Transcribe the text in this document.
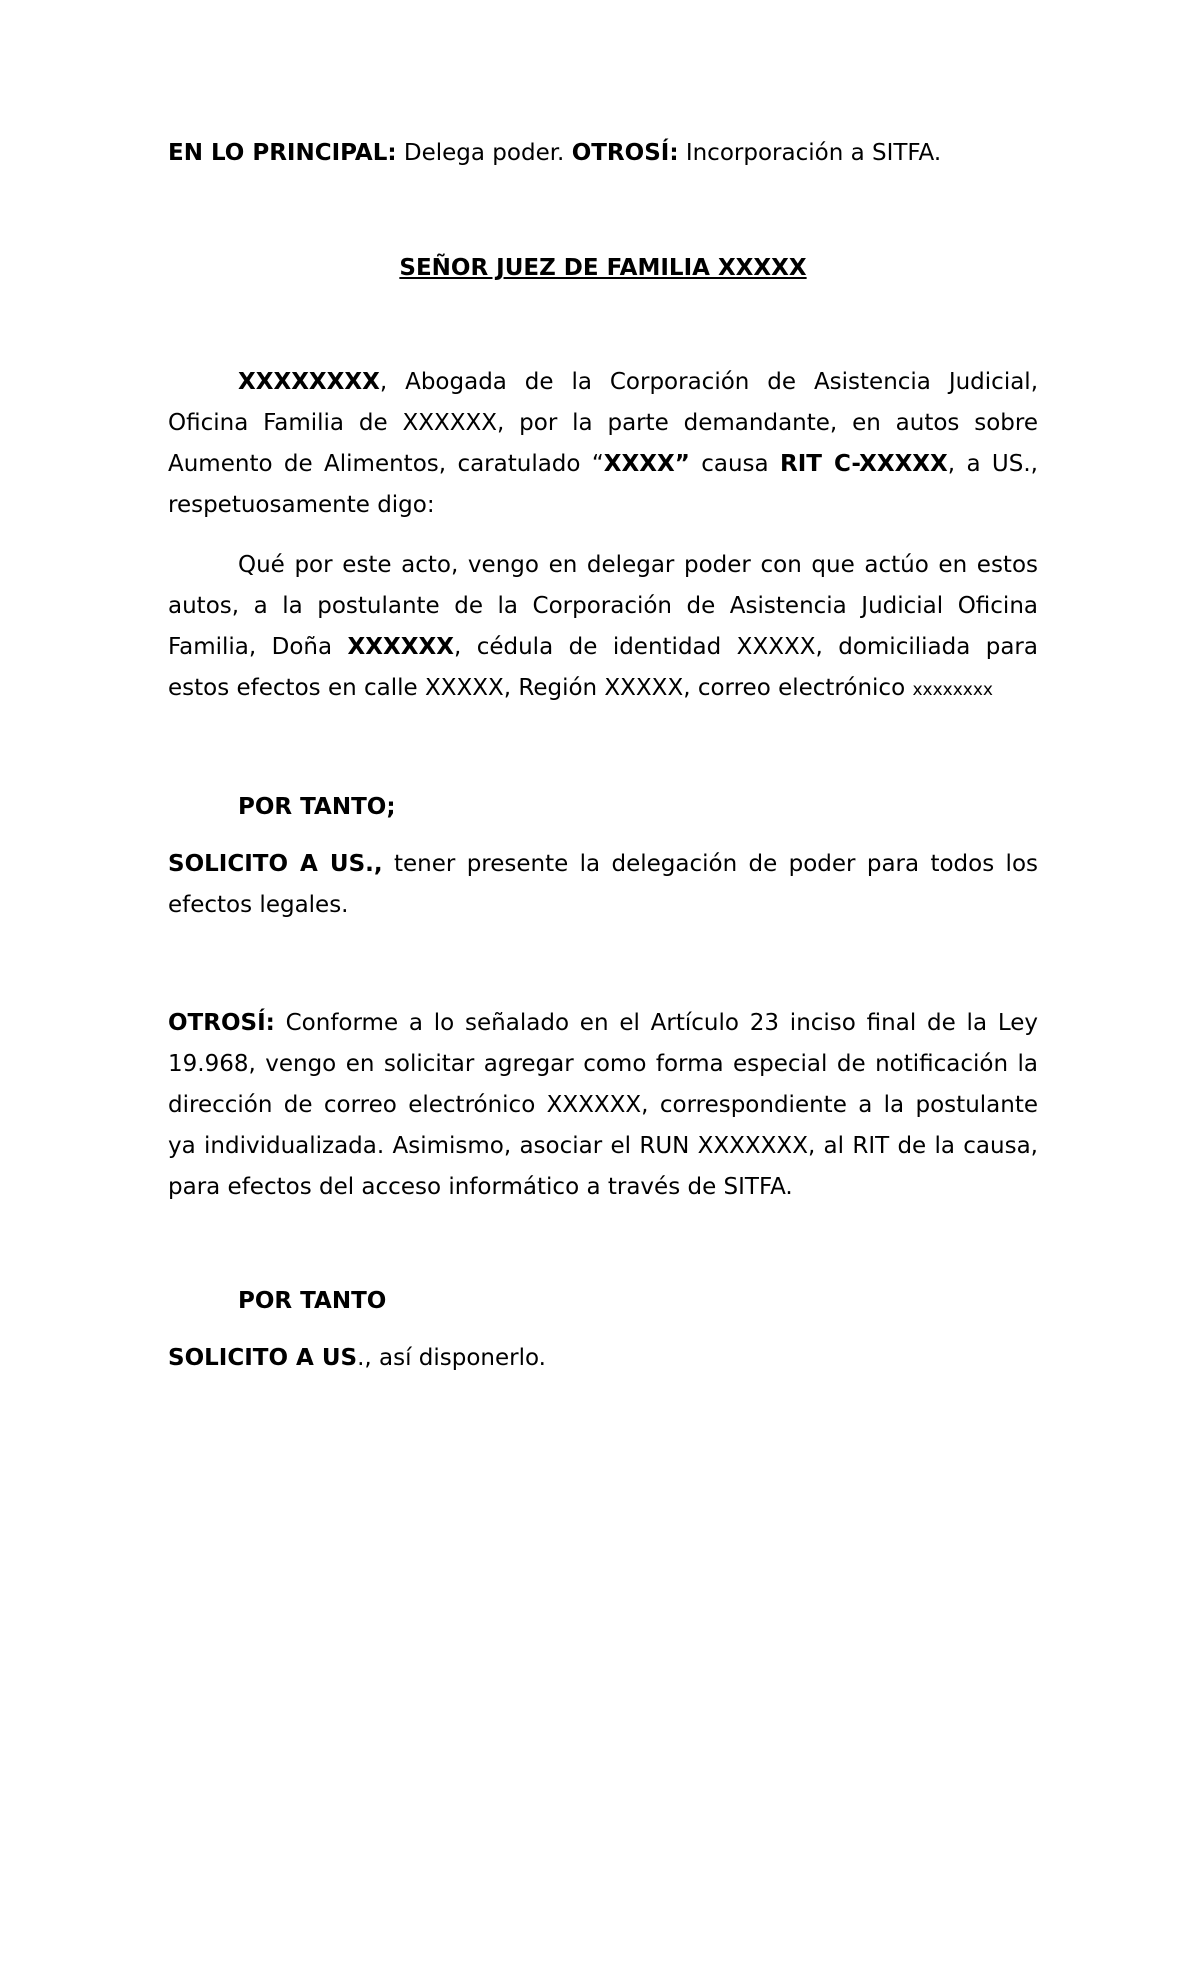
EN LO PRINCIPAL: Delega poder. OTROSÍ: Incorporación a SITFA.
SEÑOR JUEZ DE FAMILIA XXXXX

XXXXXXXX, Abogada de la Corporación de Asistencia Judicial, Oficina Familia de XXXXXX, por la parte demandante, en autos sobre Aumento de Alimentos, caratulado “XXXX” causa RIT C-XXXXX, a US., respetuosamente digo:

Qué por este acto, vengo en delegar poder con que actúo en estos autos, a la postulante de la Corporación de Asistencia Judicial Oficina Familia, Doña XXXXXX, cédula de identidad XXXXX, domiciliada para estos efectos en calle XXXXX, Región XXXXX, correo electrónico xxxxxxxx

POR TANTO;

SOLICITO A US., tener presente la delegación de poder para todos los efectos legales.

OTROSÍ: Conforme a lo señalado en el Artículo 23 inciso final de la Ley 19.968, vengo en solicitar agregar como forma especial de notificación la dirección de correo electrónico XXXXXX, correspondiente a la postulante ya individualizada. Asimismo, asociar el RUN XXXXXXX, al RIT de la causa, para efectos del acceso informático a través de SITFA.

POR TANTO

SOLICITO A US., así disponerlo.
